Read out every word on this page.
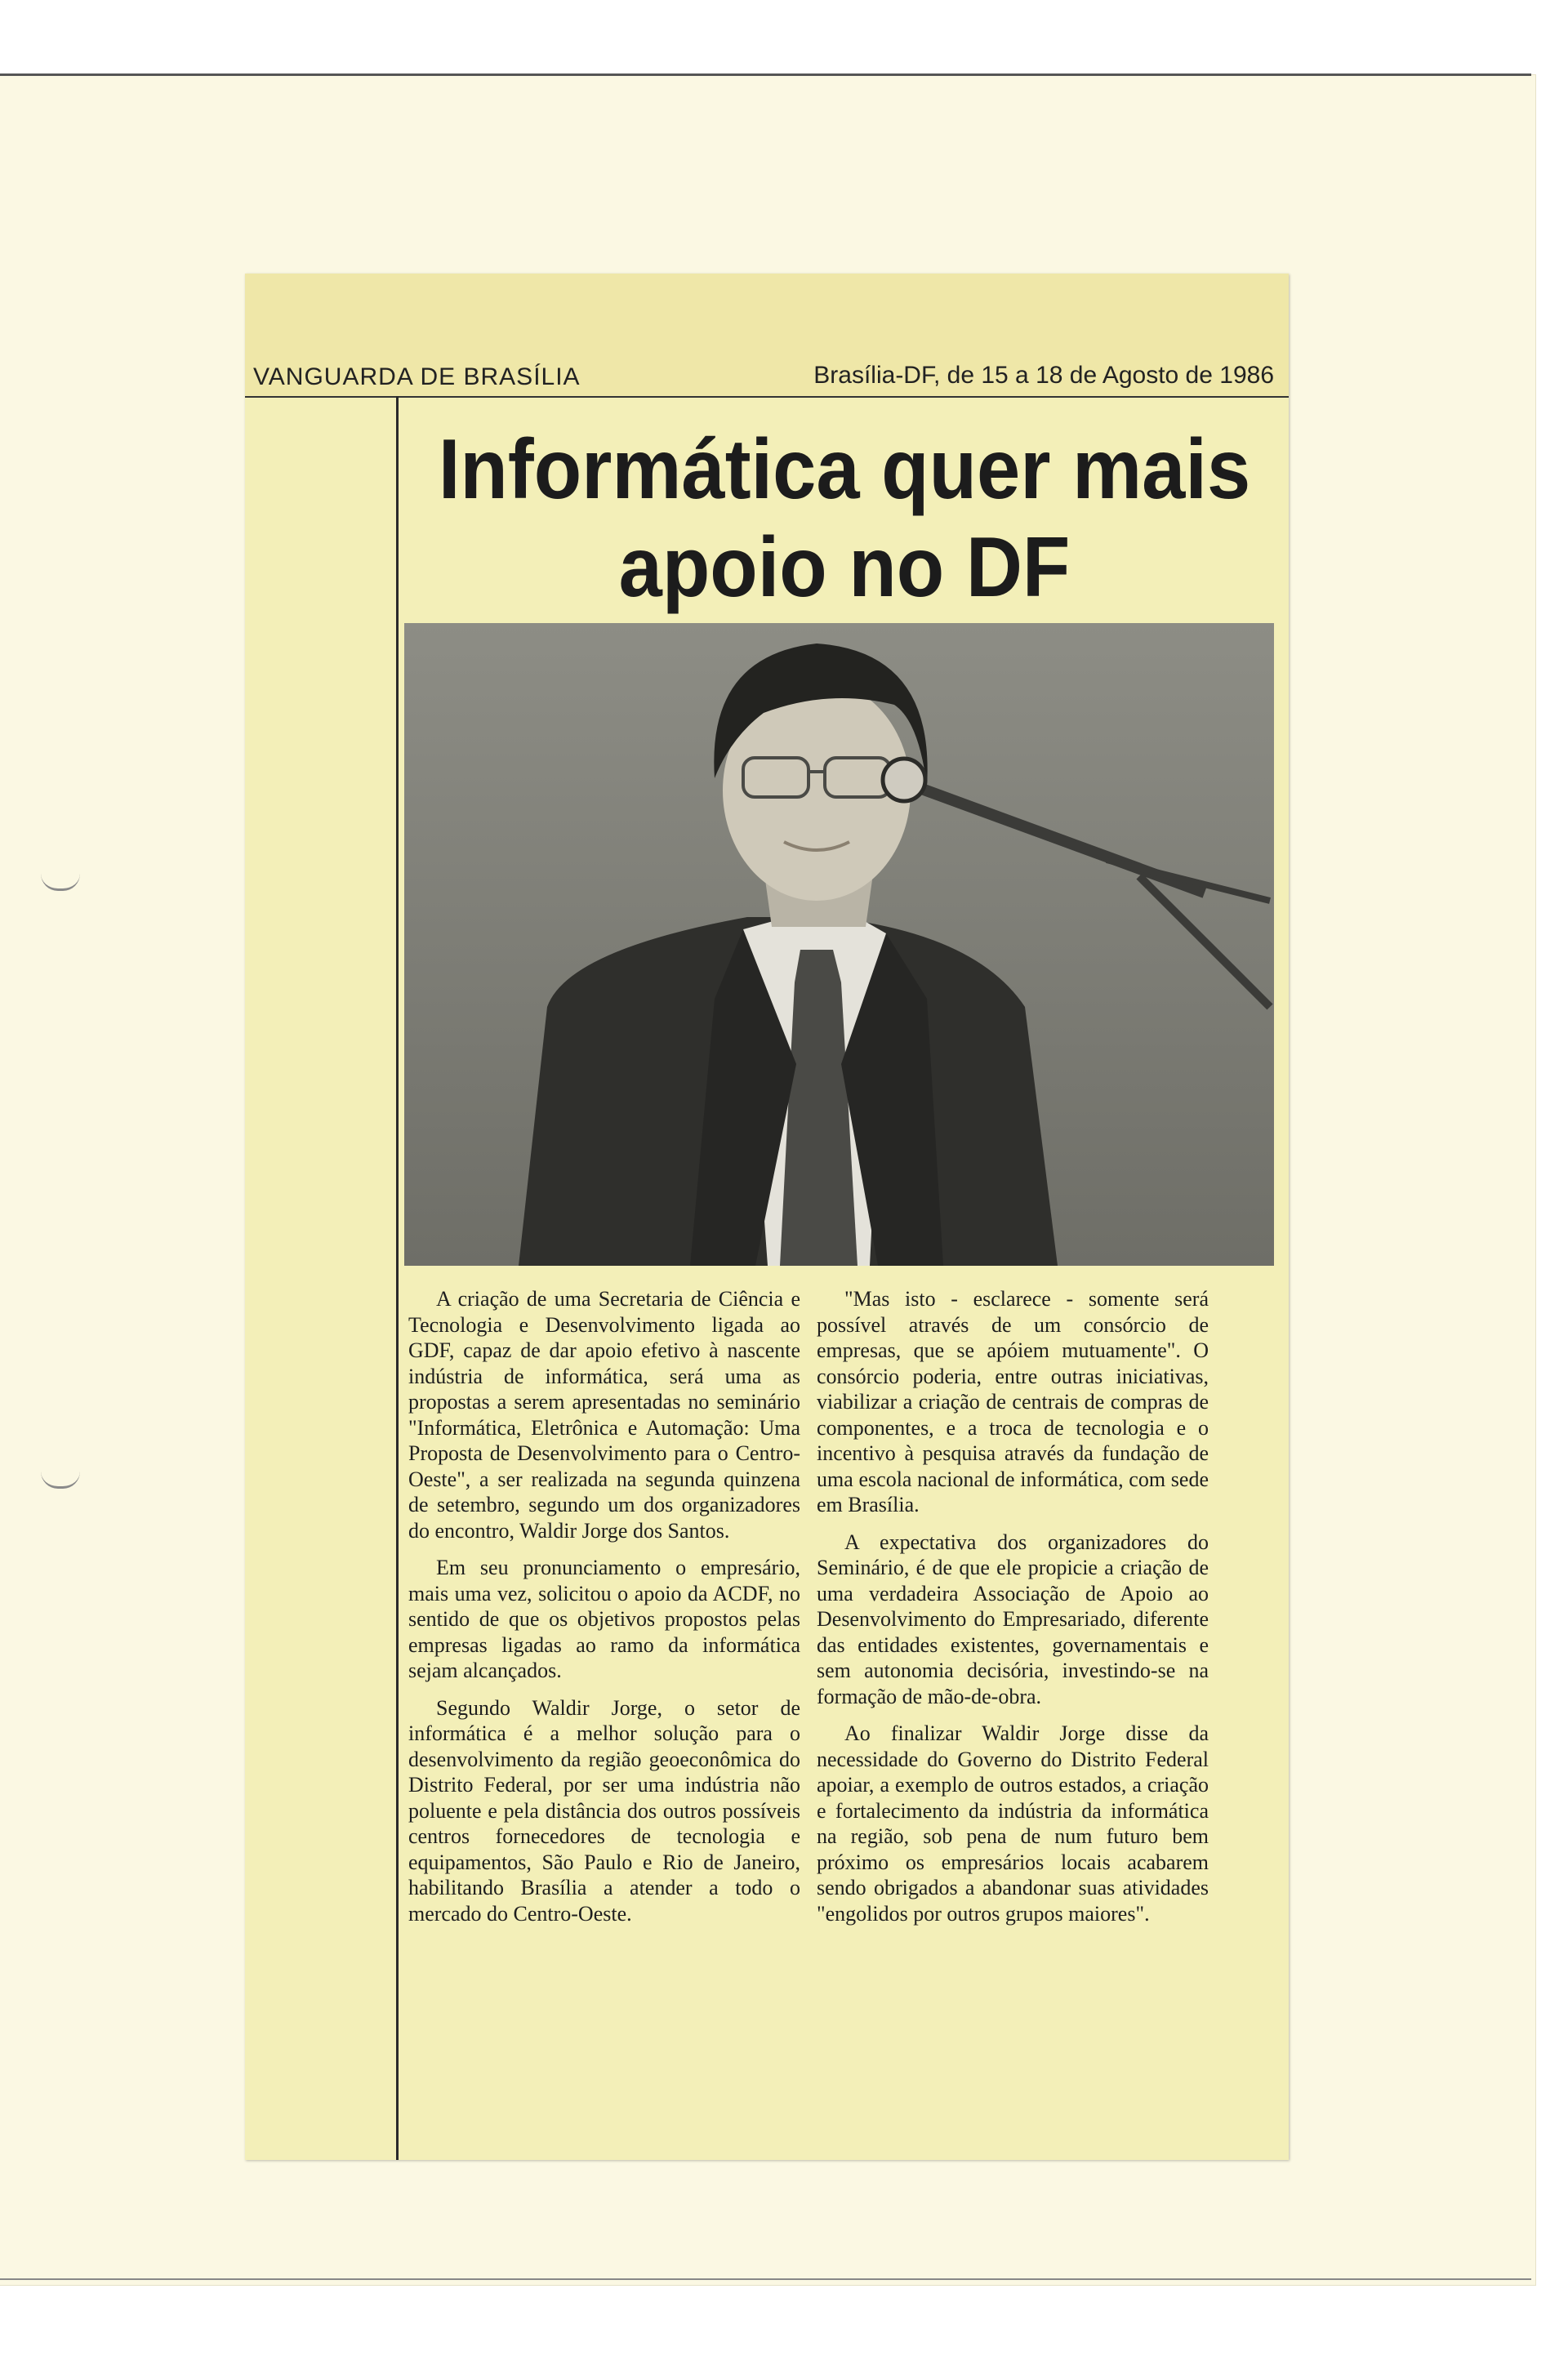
VANGUARDA DE BRASÍLIA	Brasília-DF, de 15 a 18 de Agosto de 1986
Informática quer mais apoio no DF

A criação de uma Secretaria de Ciência e Tecnologia e Desenvolvimento ligada ao GDF, capaz de dar apoio efetivo à nascente indústria de informática, será uma as propostas a serem apresentadas no seminário "Informática, Eletrônica e Automação: Uma Proposta de Desenvolvimento para o Centro-Oeste", a ser realizada na segunda quinzena de setembro, segundo um dos organizadores do encontro, Waldir Jorge dos Santos.

Em seu pronunciamento o empresário, mais uma vez, solicitou o apoio da ACDF, no sentido de que os objetivos propostos pelas empresas ligadas ao ramo da informática sejam alcançados.

Segundo Waldir Jorge, o setor de informática é a melhor solução para o desenvolvimento da região geoeconômica do Distrito Federal, por ser uma indústria não poluente e pela distância dos outros possíveis centros fornecedores de tecnologia e equipamentos, São Paulo e Rio de Janeiro, habilitando Brasília a atender a todo o mercado do Centro-Oeste.

"Mas isto - esclarece - somente será possível através de um consórcio de empresas, que se apóiem mutuamente". O consórcio poderia, entre outras iniciativas, viabilizar a criação de centrais de compras de componentes, e a troca de tecnologia e o incentivo à pesquisa através da fundação de uma escola nacional de informática, com sede em Brasília.

A expectativa dos organizadores do Seminário, é de que ele propicie a criação de uma verdadeira Associação de Apoio ao Desenvolvimento do Empresariado, diferente das entidades existentes, governamentais e sem autonomia decisória, investindo-se na formação de mão-de-obra.

Ao finalizar Waldir Jorge disse da necessidade do Governo do Distrito Federal apoiar, a exemplo de outros estados, a criação e fortalecimento da indústria da informática na região, sob pena de num futuro bem próximo os empresários locais acabarem sendo obrigados a abandonar suas atividades "engolidos por outros grupos maiores".
